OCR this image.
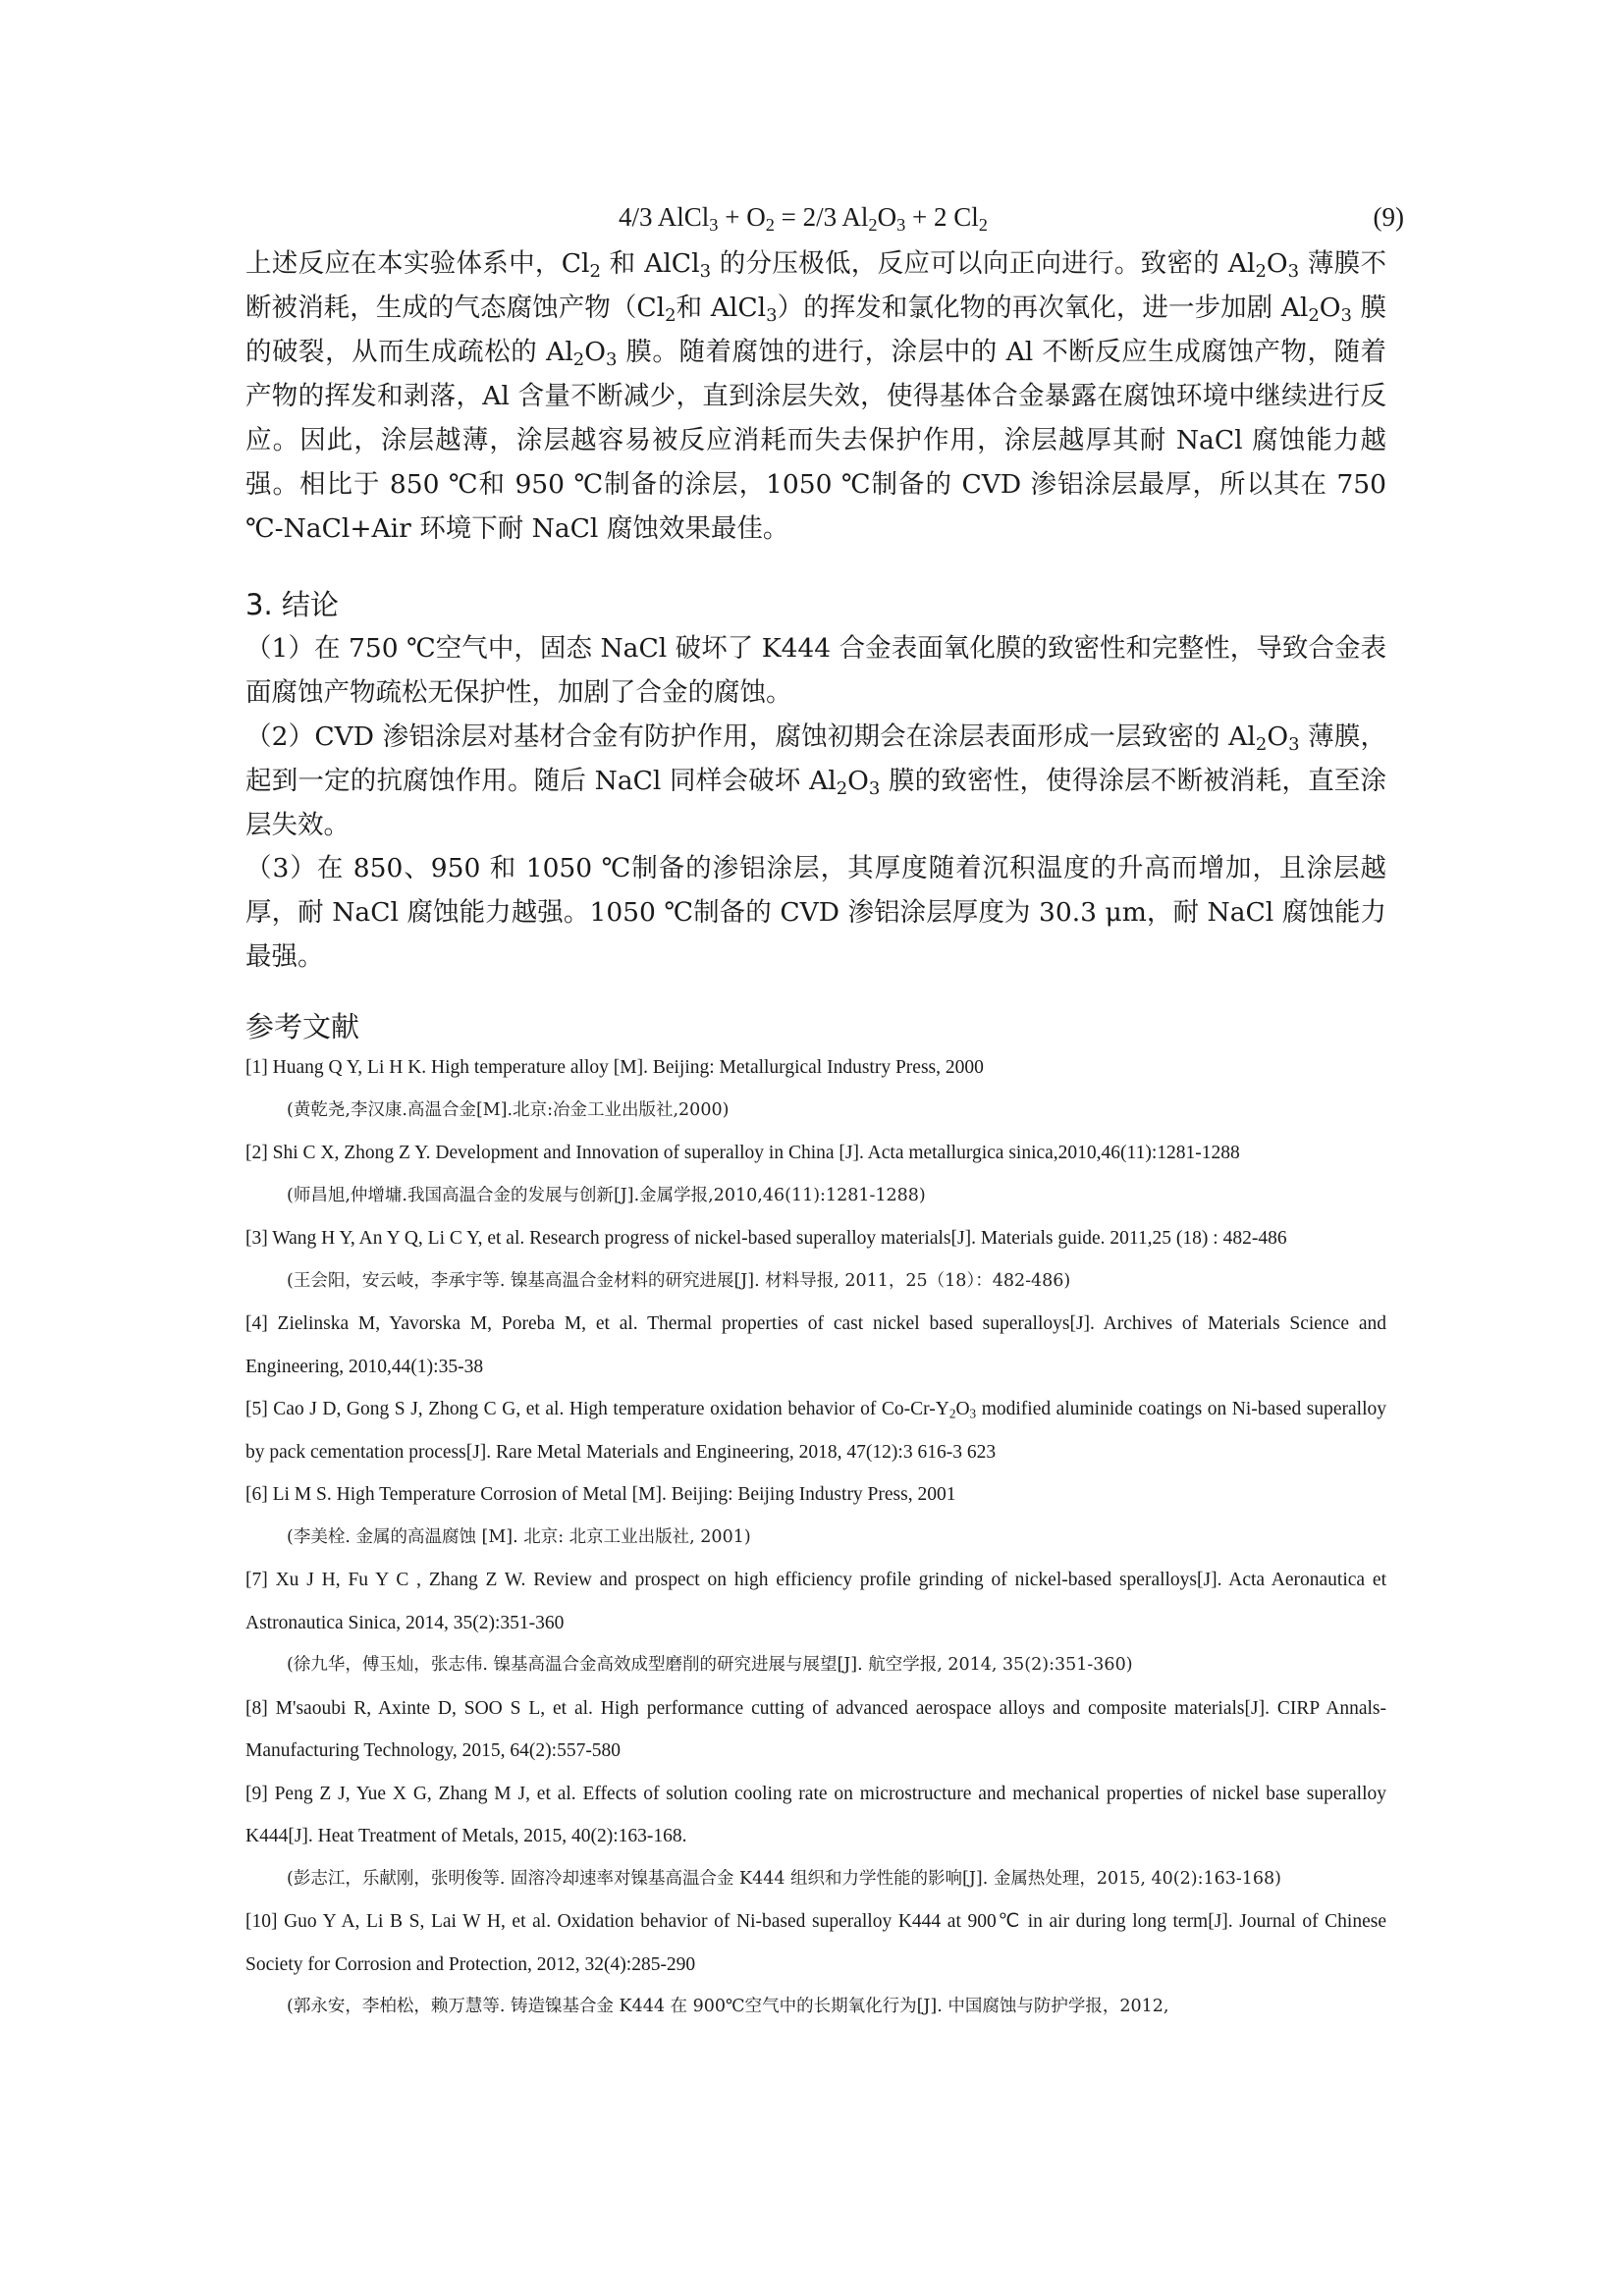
4/3 AlCl$_3$ + $O_2 = 2/3$ $Al_2O_3 + 2$ $Cl_2$	(9)

上述反应在本实验体系中，$Cl_2$ 和 AlCl$_3$ 的分压极低，反应可以向正向进行。致密的 $Al_2O_3$ 薄膜不断被消耗，生成的气态腐蚀产物（$Cl_2$和 AlCl$_3$）的挥发和氯化物的再次氧化，进一步加剧 $Al_2O_3$ 膜的破裂，从而生成疏松的 $Al_2O_3$ 膜。随着腐蚀的进行，涂层中的 Al 不断反应生成腐蚀产物，随着产物的挥发和剥落，Al 含量不断减少，直到涂层失效，使得基体合金暴露在腐蚀环境中继续进行反应。因此，涂层越薄，涂层越容易被反应消耗而失去保护作用，涂层越厚其耐 NaCl 腐蚀能力越强。相比于 850 ℃和 950 ℃制备的涂层，1050 ℃制备的 CVD 渗铝涂层最厚，所以其在 750 ℃-NaCl+Air 环境下耐 NaCl 腐蚀效果最佳。

3. 结论

（1）在 750 ℃空气中，固态 NaCl 破坏了 K444 合金表面氧化膜的致密性和完整性，导致合金表面腐蚀产物疏松无保护性，加剧了合金的腐蚀。

（2）CVD 渗铝涂层对基材合金有防护作用，腐蚀初期会在涂层表面形成一层致密的 $Al_2O_3$ 薄膜，起到一定的抗腐蚀作用。随后 NaCl 同样会破坏 $Al_2O_3$ 膜的致密性，使得涂层不断被消耗，直至涂层失效。

（3）在 850、950 和 1050 ℃制备的渗铝涂层，其厚度随着沉积温度的升高而增加，且涂层越厚，耐 NaCl 腐蚀能力越强。1050 ℃制备的 CVD 渗铝涂层厚度为 30.3 μm，耐 NaCl 腐蚀能力最强。

参考文献

[1] Huang Q Y, Li H K. High temperature alloy [M]. Beijing: Metallurgical Industry Press, 2000

(黄乾尧,李汉康.高温合金[M].北京:冶金工业出版社,2000)

[2] Shi C X, Zhong Z Y. Development and Innovation of superalloy in China [J]. Acta metallurgica sinica,2010,46(11):1281-1288

(师昌旭,仲增墉.我国高温合金的发展与创新[J].金属学报,2010,46(11):1281-1288)

[3] Wang H Y, An Y Q, Li C Y, et al. Research progress of nickel-based superalloy materials[J]. Materials guide. 2011,25 (18) : 482-486

(王会阳，安云岐，李承宇等. 镍基高温合金材料的研究进展[J]. 材料导报, 2011，25（18）：482-486)

[4] Zielinska M, Yavorska M, Poreba M, et al. Thermal properties of cast nickel based superalloys[J]. Archives of Materials Science and Engineering, 2010,44(1):35-38

[5] Cao J D, Gong S J, Zhong C G, et al. High temperature oxidation behavior of $Co-Cr-Y_2O_3$ modified aluminide coatings on Ni-based superalloy by pack cementation process[J]. Rare Metal Materials and Engineering, 2018, 47(12):3 616-3 623

[6] Li M S. High Temperature Corrosion of Metal [M]. Beijing: Beijing Industry Press, 2001

(李美栓. 金属的高温腐蚀 [M]. 北京: 北京工业出版社, 2001)

[7] Xu J H, Fu Y C , Zhang Z W. Review and prospect on high efficiency profile grinding of nickel-based speralloys[J]. Acta Aeronautica et Astronautica Sinica, 2014, 35(2):351-360

(徐九华，傅玉灿，张志伟. 镍基高温合金高效成型磨削的研究进展与展望[J]. 航空学报, 2014, 35(2):351-360)

[8] M'saoubi R, Axinte D, SOO S L, et al. High performance cutting of advanced aerospace alloys and composite materials[J]. CIRP Annals-Manufacturing Technology, 2015, 64(2):557-580

[9] Peng Z J, Yue X G, Zhang M J, et al. Effects of solution cooling rate on microstructure and mechanical properties of nickel base superalloy K444[J]. Heat Treatment of Metals, 2015, 40(2):163-168.

(彭志江，乐献刚，张明俊等. 固溶冷却速率对镍基高温合金 K444 组织和力学性能的影响[J]. 金属热处理，2015, 40(2):163-168)

[10] Guo Y A, Li B S, Lai W H, et al. Oxidation behavior of Ni-based superalloy K444 at 900℃ in air during long term[J]. Journal of Chinese Society for Corrosion and Protection, 2012, 32(4):285-290

(郭永安，李柏松，赖万慧等. 铸造镍基合金 K444 在 900℃空气中的长期氧化行为[J]. 中国腐蚀与防护学报，2012,
